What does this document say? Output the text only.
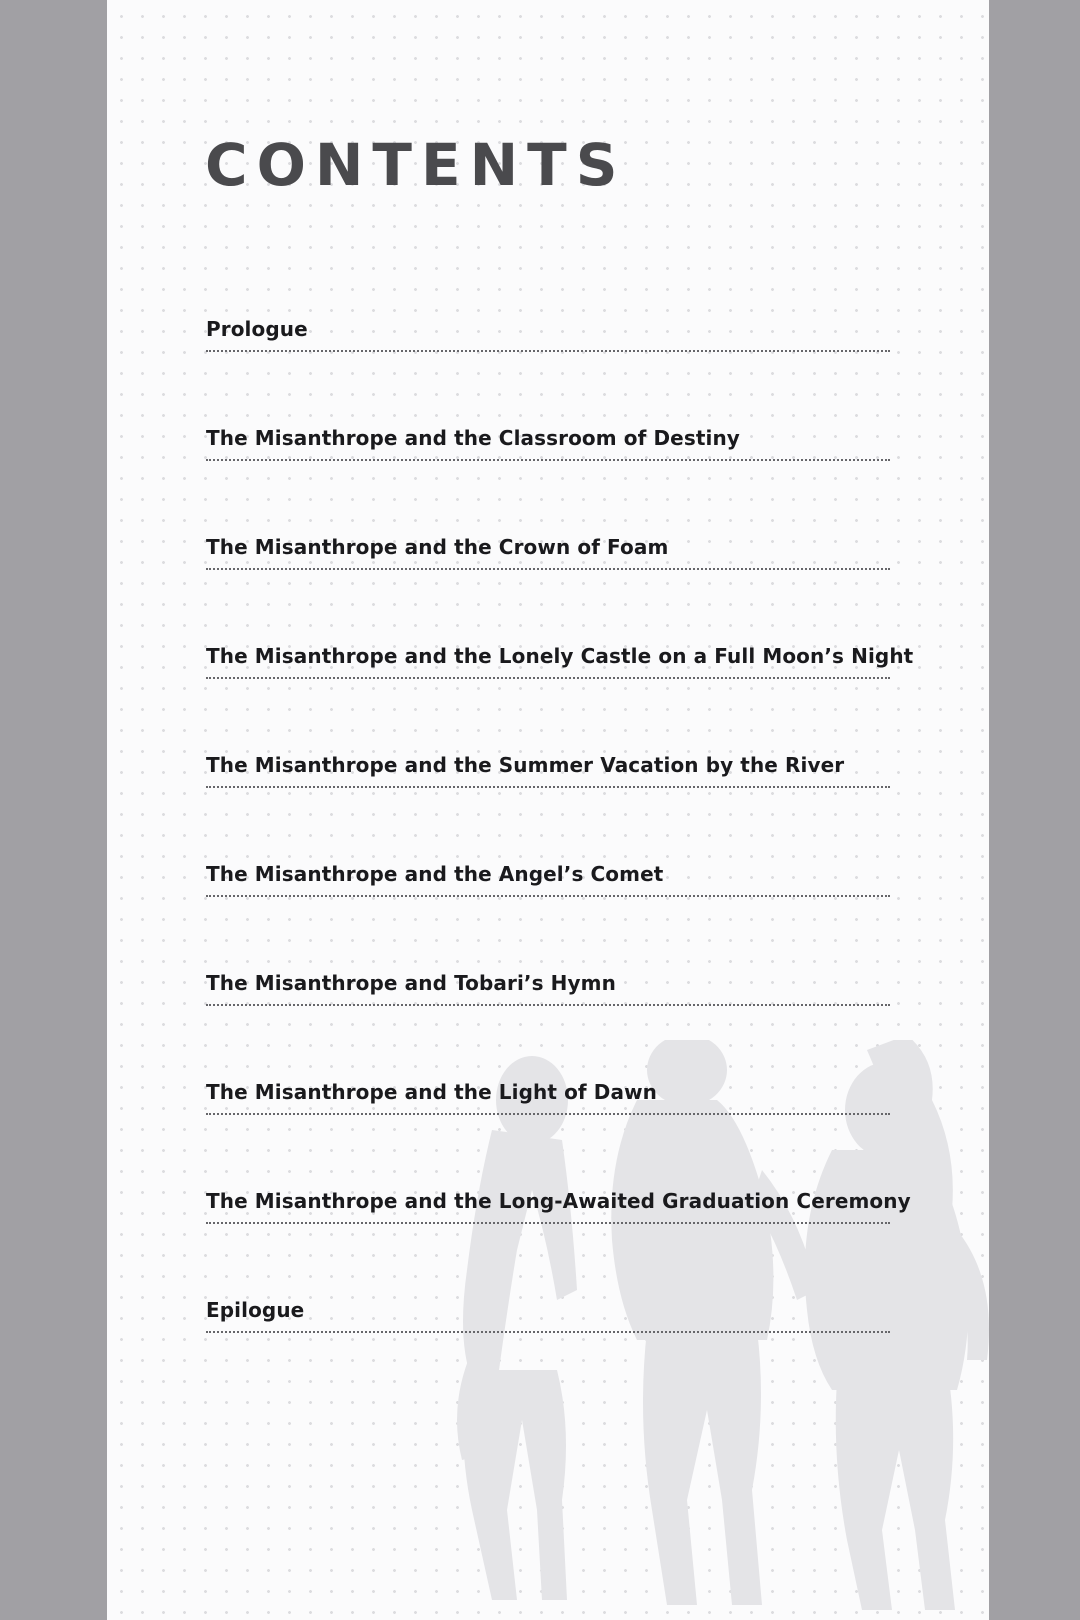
CONTENTS
Prologue
The Misanthrope and the Classroom of Destiny
The Misanthrope and the Crown of Foam
The Misanthrope and the Lonely Castle on a Full Moon’s Night
The Misanthrope and the Summer Vacation by the River
The Misanthrope and the Angel’s Comet
The Misanthrope and Tobari’s Hymn
The Misanthrope and the Light of Dawn
The Misanthrope and the Long-Awaited Graduation Ceremony
Epilogue
